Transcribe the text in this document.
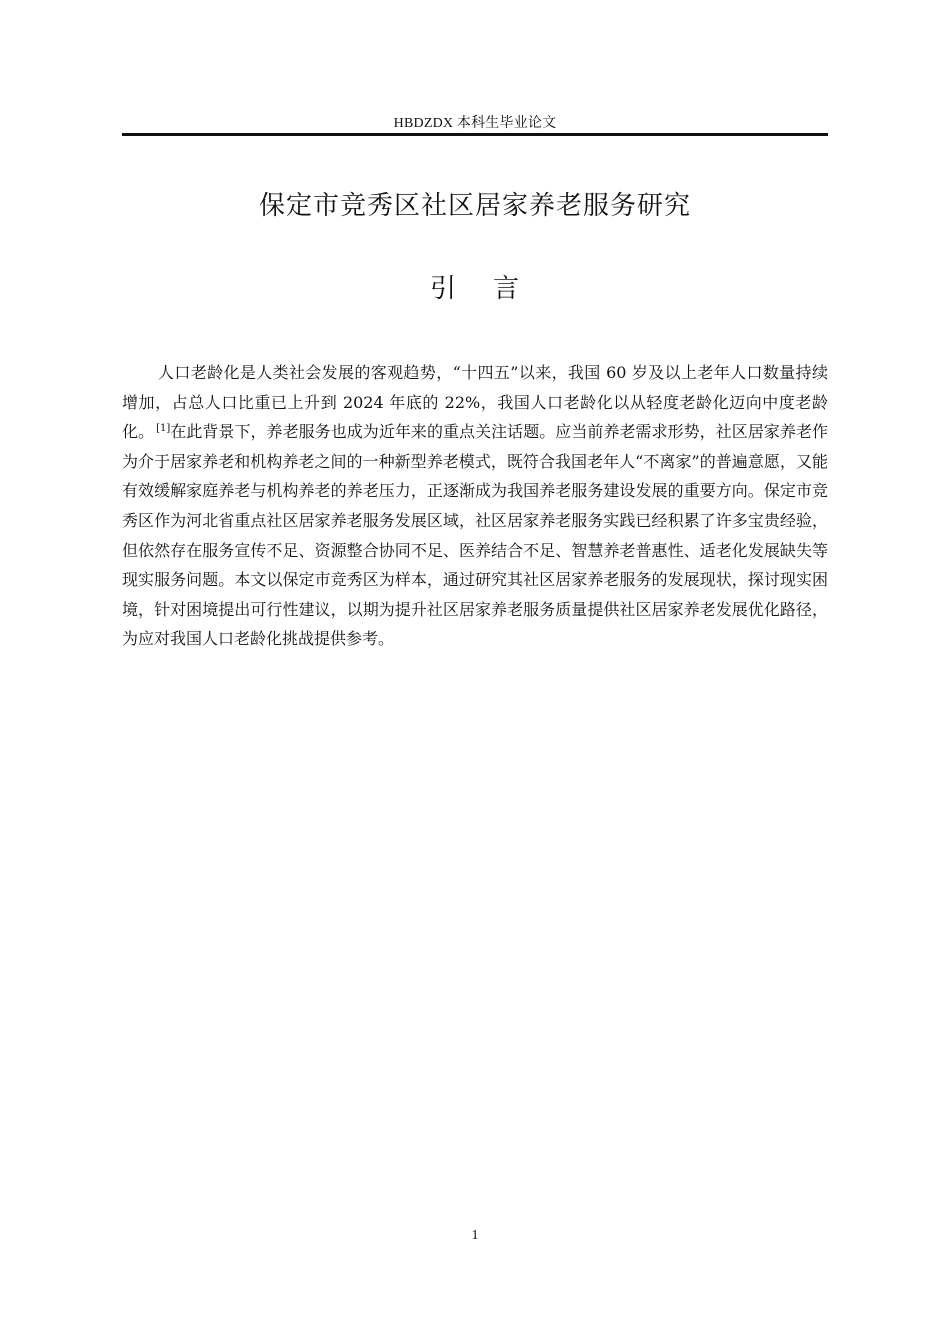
HBDZDX 本科生毕业论文
保定市竞秀区社区居家养老服务研究
引 言

人口老龄化是人类社会发展的客观趋势，“十四五”以来，我国 60 岁及以上老年人口数量持续增加，占总人口比重已上升到 2024 年底的 22%，我国人口老龄化以从轻度老龄化迈向中度老龄化。 [1]在此背景下，养老服务也成为近年来的重点关注话题。应当前养老需求形势，社区居家养老作为介于居家养老和机构养老之间的一种新型养老模式，既符合我国老年人“不离家”的普遍意愿，又能有效缓解家庭养老与机构养老的养老压力，正逐渐成为我国养老服务建设发展的重要方向。保定市竞秀区作为河北省重点社区居家养老服务发展区域，社区居家养老服务实践已经积累了许多宝贵经验，但依然存在服务宣传不足、资源整合协同不足、医养结合不足、智慧养老普惠性、适老化发展缺失等现实服务问题。本文以保定市竞秀区为样本，通过研究其社区居家养老服务的发展现状，探讨现实困境，针对困境提出可行性建议，以期为提升社区居家养老服务质量提供社区居家养老发展优化路径，为应对我国人口老龄化挑战提供参考。

1
